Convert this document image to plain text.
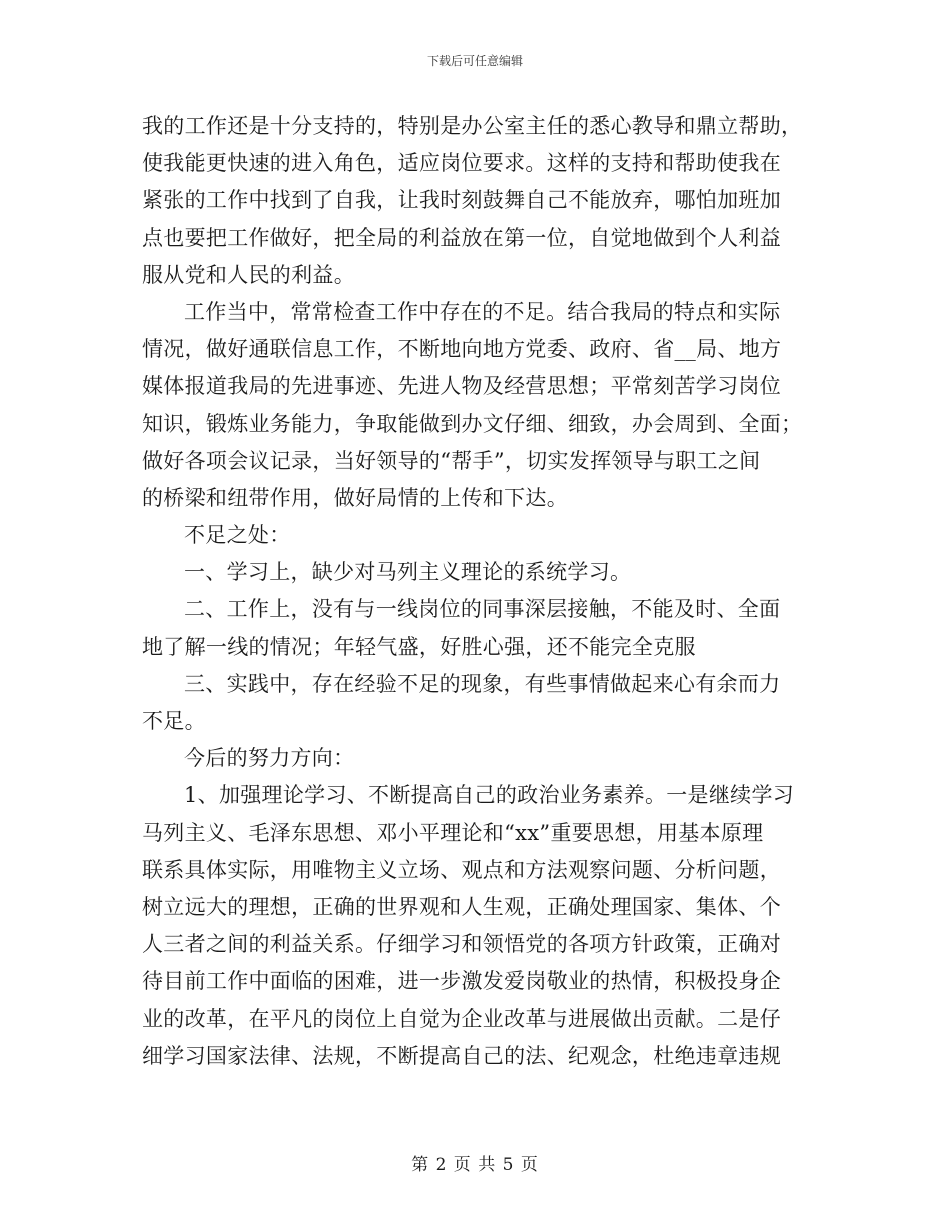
下载后可任意编辑
我的工作还是十分支持的，特别是办公室主任的悉心教导和鼎立帮助，
使我能更快速的进入角色，适应岗位要求。这样的支持和帮助使我在
紧张的工作中找到了自我，让我时刻鼓舞自己不能放弃，哪怕加班加
点也要把工作做好，把全局的利益放在第一位，自觉地做到个人利益
服从党和人民的利益。
工作当中，常常检查工作中存在的不足。结合我局的特点和实际
情况，做好通联信息工作，不断地向地方党委、政府、省__局、地方
媒体报道我局的先进事迹、先进人物及经营思想；平常刻苦学习岗位
知识，锻炼业务能力，争取能做到办文仔细、细致，办会周到、全面；
做好各项会议记录，当好领导的“帮手”，切实发挥领导与职工之间
的桥梁和纽带作用，做好局情的上传和下达。
不足之处：
一、学习上，缺少对马列主义理论的系统学习。
二、工作上，没有与一线岗位的同事深层接触，不能及时、全面
地了解一线的情况；年轻气盛，好胜心强，还不能完全克服
三、实践中，存在经验不足的现象，有些事情做起来心有余而力
不足。
今后的努力方向：
1、加强理论学习、不断提高自己的政治业务素养。一是继续学习
马列主义、毛泽东思想、邓小平理论和“xx”重要思想，用基本原理
联系具体实际，用唯物主义立场、观点和方法观察问题、分析问题，
树立远大的理想，正确的世界观和人生观，正确处理国家、集体、个
人三者之间的利益关系。仔细学习和领悟党的各项方针政策，正确对
待目前工作中面临的困难，进一步激发爱岗敬业的热情，积极投身企
业的改革，在平凡的岗位上自觉为企业改革与进展做出贡献。二是仔
细学习国家法律、法规，不断提高自己的法、纪观念，杜绝违章违规
第 2 页 共 5 页
